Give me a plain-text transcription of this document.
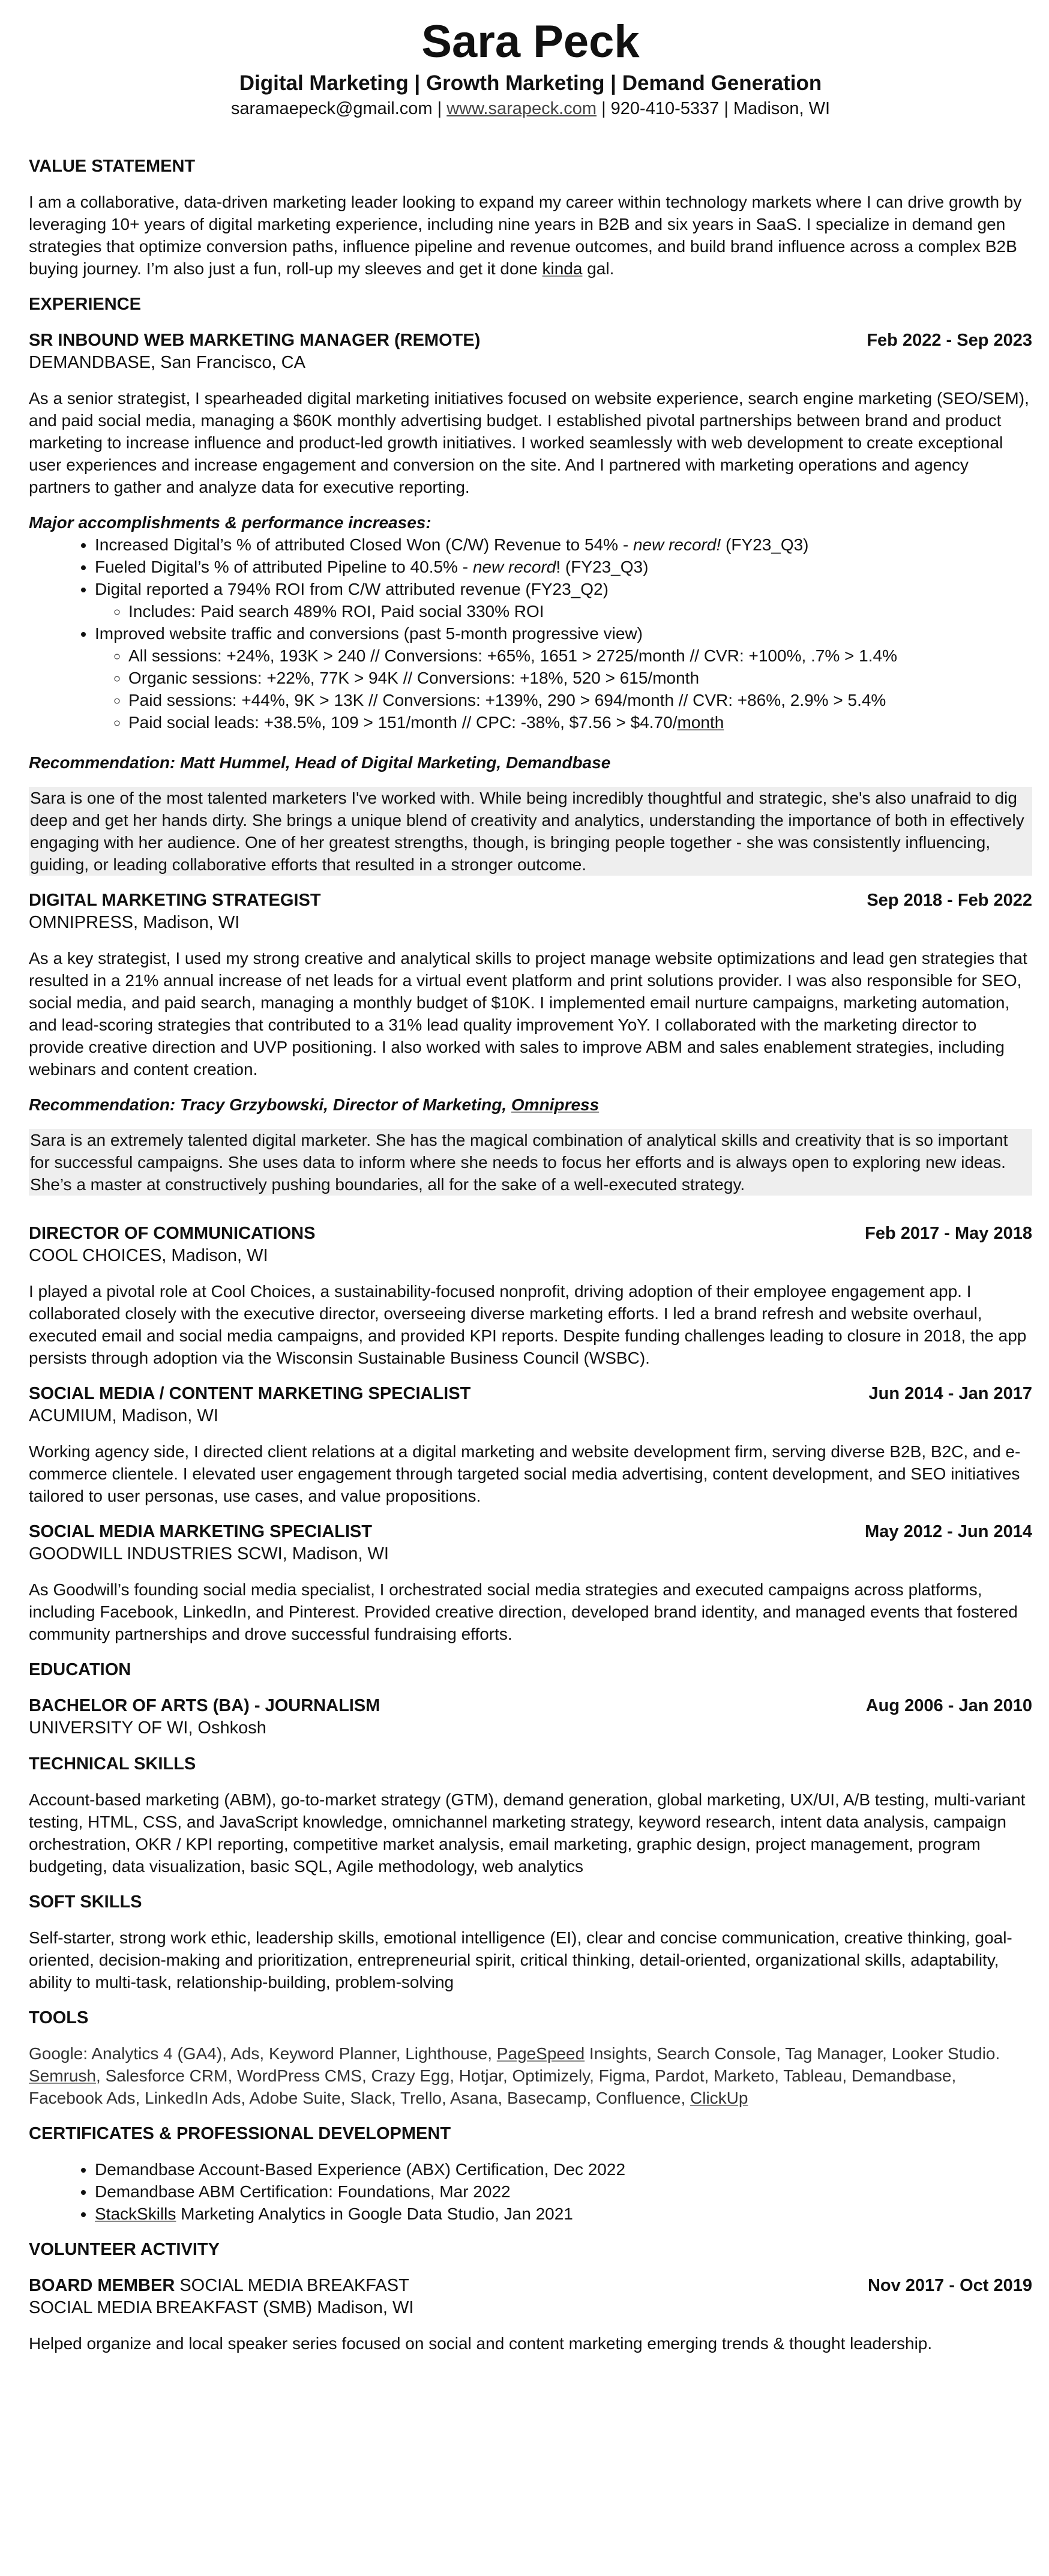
Sara Peck
Digital Marketing | Growth Marketing | Demand Generation
saramaepeck@gmail.com | www.sarapeck.com | 920-410-5337 | Madison, WI
VALUE STATEMENT

I am a collaborative, data-driven marketing leader looking to expand my career within technology markets where I can drive growth by leveraging 10+ years of digital marketing experience, including nine years in B2B and six years in SaaS. I specialize in demand gen strategies that optimize conversion paths, influence pipeline and revenue outcomes, and build brand influence across a complex B2B buying journey. I’m also just a fun, roll-up my sleeves and get it done kinda gal.

EXPERIENCE
SR INBOUND WEB MARKETING MANAGER (REMOTE)	Feb 2022 - Sep 2023
DEMANDBASE, San Francisco, CA

As a senior strategist, I spearheaded digital marketing initiatives focused on website experience, search engine marketing (SEO/SEM), and paid social media, managing a $60K monthly advertising budget. I established pivotal partnerships between brand and product marketing to increase influence and product-led growth initiatives. I worked seamlessly with web development to create exceptional user experiences and increase engagement and conversion on the site. And I partnered with marketing operations and agency partners to gather and analyze data for executive reporting.

Major accomplishments & performance increases:
• Increased Digital’s % of attributed Closed Won (C/W) Revenue to 54% - new record! (FY23_Q3)
• Fueled Digital’s % of attributed Pipeline to 40.5% - new record! (FY23_Q3)
• Digital reported a 794% ROI from C/W attributed revenue (FY23_Q2)
◦ Includes: Paid search 489% ROI, Paid social 330% ROI
• Improved website traffic and conversions (past 5-month progressive view)
◦ All sessions: +24%, 193K > 240 // Conversions: +65%, 1651 > 2725/month // CVR: +100%, .7% > 1.4%
◦ Organic sessions: +22%, 77K > 94K // Conversions: +18%, 520 > 615/month
◦ Paid sessions: +44%, 9K > 13K // Conversions: +139%, 290 > 694/month // CVR: +86%, 2.9% > 5.4%
◦ Paid social leads: +38.5%, 109 > 151/month // CPC: -38%, $7.56 > $4.70/month
Recommendation: Matt Hummel, Head of Digital Marketing, Demandbase
Sara is one of the most talented marketers I've worked with. While being incredibly thoughtful and strategic, she's also unafraid to dig deep and get her hands dirty. She brings a unique blend of creativity and analytics, understanding the importance of both in effectively engaging with her audience. One of her greatest strengths, though, is bringing people together - she was consistently influencing, guiding, or leading collaborative efforts that resulted in a stronger outcome.
DIGITAL MARKETING STRATEGIST	Sep 2018 - Feb 2022
OMNIPRESS, Madison, WI

As a key strategist, I used my strong creative and analytical skills to project manage website optimizations and lead gen strategies that resulted in a 21% annual increase of net leads for a virtual event platform and print solutions provider. I was also responsible for SEO, social media, and paid search, managing a monthly budget of $10K. I implemented email nurture campaigns, marketing automation, and lead-scoring strategies that contributed to a 31% lead quality improvement YoY. I collaborated with the marketing director to provide creative direction and UVP positioning. I also worked with sales to improve ABM and sales enablement strategies, including webinars and content creation.

Recommendation: Tracy Grzybowski, Director of Marketing, Omnipress
Sara is an extremely talented digital marketer. She has the magical combination of analytical skills and creativity that is so important for successful campaigns. She uses data to inform where she needs to focus her efforts and is always open to exploring new ideas. She’s a master at constructively pushing boundaries, all for the sake of a well-executed strategy.
DIRECTOR OF COMMUNICATIONS	Feb 2017 - May 2018
COOL CHOICES, Madison, WI

I played a pivotal role at Cool Choices, a sustainability-focused nonprofit, driving adoption of their employee engagement app. I collaborated closely with the executive director, overseeing diverse marketing efforts. I led a brand refresh and website overhaul, executed email and social media campaigns, and provided KPI reports. Despite funding challenges leading to closure in 2018, the app persists through adoption via the Wisconsin Sustainable Business Council (WSBC).

SOCIAL MEDIA / CONTENT MARKETING SPECIALIST	Jun 2014 - Jan 2017
ACUMIUM, Madison, WI

Working agency side, I directed client relations at a digital marketing and website development firm, serving diverse B2B, B2C, and e-commerce clientele. I elevated user engagement through targeted social media advertising, content development, and SEO initiatives tailored to user personas, use cases, and value propositions.

SOCIAL MEDIA MARKETING SPECIALIST	May 2012 - Jun 2014
GOODWILL INDUSTRIES SCWI, Madison, WI

As Goodwill’s founding social media specialist, I orchestrated social media strategies and executed campaigns across platforms, including Facebook, LinkedIn, and Pinterest. Provided creative direction, developed brand identity, and managed events that fostered community partnerships and drove successful fundraising efforts.

EDUCATION
BACHELOR OF ARTS (BA) - JOURNALISM	Aug 2006 - Jan 2010
UNIVERSITY OF WI, Oshkosh
TECHNICAL SKILLS

Account-based marketing (ABM), go-to-market strategy (GTM), demand generation, global marketing, UX/UI, A/B testing, multi-variant testing, HTML, CSS, and JavaScript knowledge, omnichannel marketing strategy, keyword research, intent data analysis, campaign orchestration, OKR / KPI reporting, competitive market analysis, email marketing, graphic design, project management, program budgeting, data visualization, basic SQL, Agile methodology, web analytics

SOFT SKILLS

Self-starter, strong work ethic, leadership skills, emotional intelligence (EI), clear and concise communication, creative thinking, goal-oriented, decision-making and prioritization, entrepreneurial spirit, critical thinking, detail-oriented, organizational skills, adaptability, ability to multi-task, relationship-building, problem-solving

TOOLS

Google: Analytics 4 (GA4), Ads, Keyword Planner, Lighthouse, PageSpeed Insights, Search Console, Tag Manager, Looker Studio. Semrush, Salesforce CRM, WordPress CMS, Crazy Egg, Hotjar, Optimizely, Figma, Pardot, Marketo, Tableau, Demandbase, Facebook Ads, LinkedIn Ads, Adobe Suite, Slack, Trello, Asana, Basecamp, Confluence, ClickUp

CERTIFICATES & PROFESSIONAL DEVELOPMENT
• Demandbase Account-Based Experience (ABX) Certification, Dec 2022
• Demandbase ABM Certification: Foundations, Mar 2022
• StackSkills Marketing Analytics in Google Data Studio, Jan 2021
VOLUNTEER ACTIVITY
BOARD MEMBER SOCIAL MEDIA BREAKFAST	Nov 2017 - Oct 2019
SOCIAL MEDIA BREAKFAST (SMB) Madison, WI

Helped organize and local speaker series focused on social and content marketing emerging trends & thought leadership.
